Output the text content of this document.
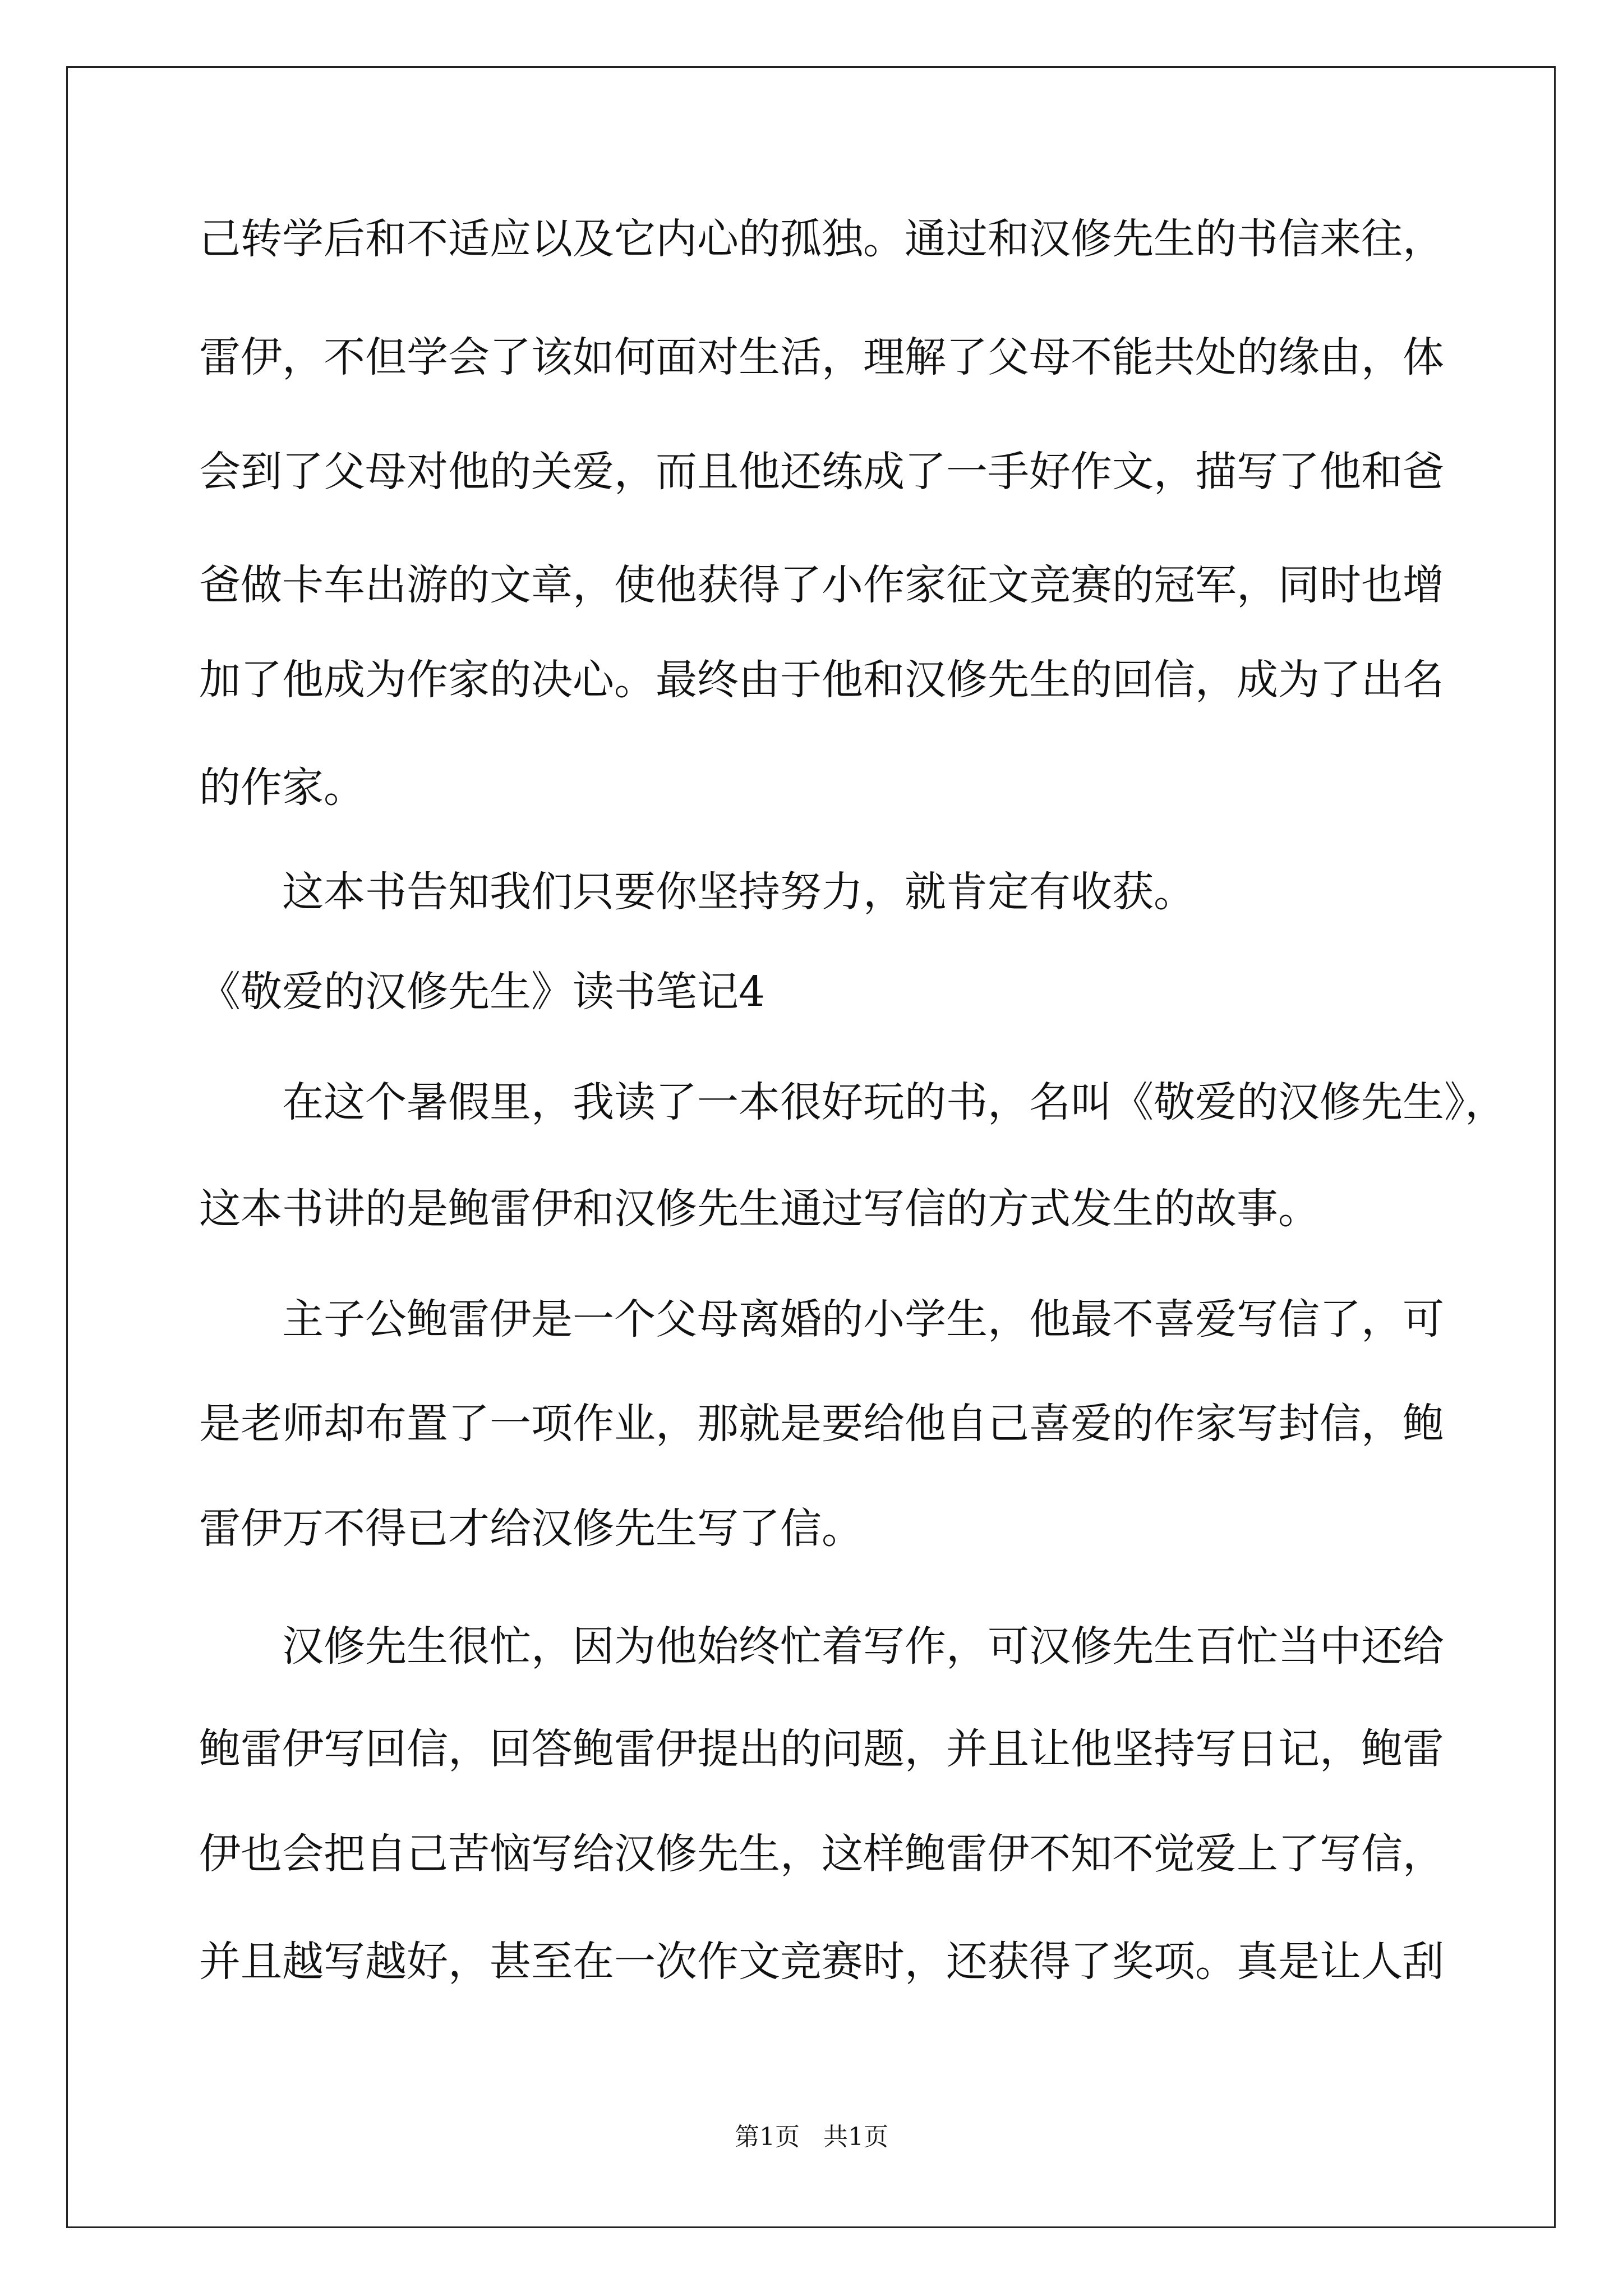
己转学后和不适应以及它内心的孤独。通过和汉修先生的书信来往，
雷伊，不但学会了该如何面对生活，理解了父母不能共处的缘由，体
会到了父母对他的关爱，而且他还练成了一手好作文，描写了他和爸
爸做卡车出游的文章，使他获得了小作家征文竞赛的冠军，同时也增
加了他成为作家的决心。最终由于他和汉修先生的回信，成为了出名
的作家。
这本书告知我们只要你坚持努力，就肯定有收获。
《敬爱的汉修先生》读书笔记4
在这个暑假里，我读了一本很好玩的书，名叫《敬爱的汉修先生》，
这本书讲的是鲍雷伊和汉修先生通过写信的方式发生的故事。
主子公鲍雷伊是一个父母离婚的小学生，他最不喜爱写信了，可
是老师却布置了一项作业，那就是要给他自己喜爱的作家写封信，鲍
雷伊万不得已才给汉修先生写了信。
汉修先生很忙，因为他始终忙着写作，可汉修先生百忙当中还给
鲍雷伊写回信，回答鲍雷伊提出的问题，并且让他坚持写日记，鲍雷
伊也会把自己苦恼写给汉修先生，这样鲍雷伊不知不觉爱上了写信，
并且越写越好，甚至在一次作文竞赛时，还获得了奖项。真是让人刮
第1页   共1页
